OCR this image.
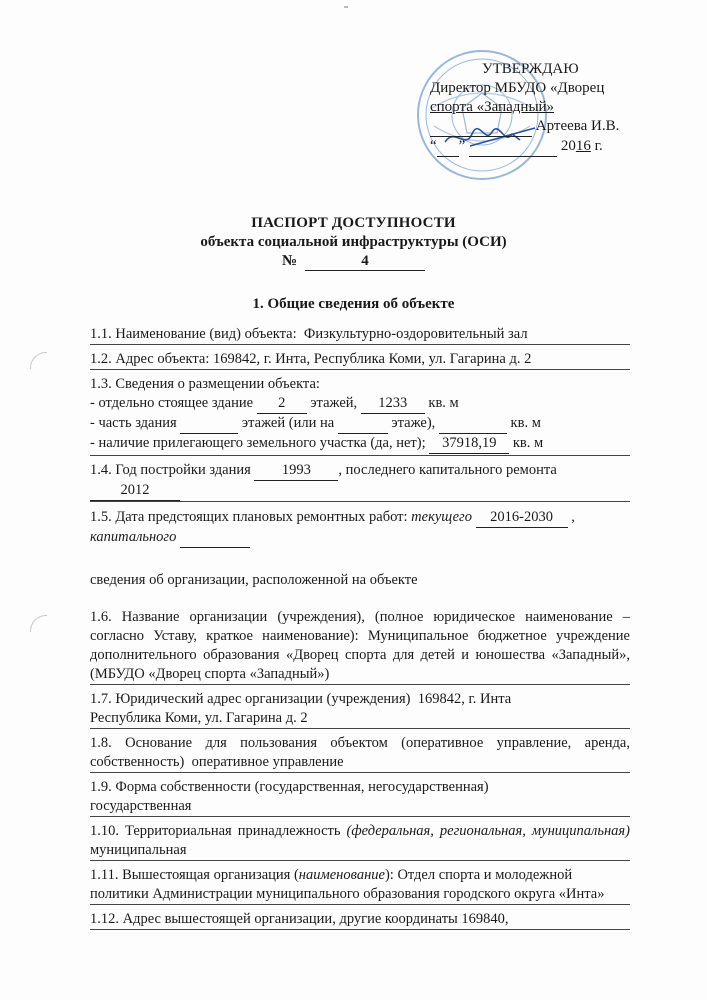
УТВЕРЖДАЮ
Директор МБУДО «Дворец
спорта «Западный»
Артеева И.В.
“ ”	2016 г.
ПАСПОРТ ДОСТУПНОСТИ
объекта социальной инфраструктуры (ОСИ)
№	4
1. Общие сведения об объекте
1.1. Наименование (вид) объекта: Физкультурно-оздоровительный зал
1.2. Адрес объекта: 169842, г. Инта, Республика Коми, ул. Гагарина д. 2
1.3. Сведения о размещении объекта:
- отдельно стоящее здание 2 этажей, 1233 кв. м
- часть здания	этажей (или на	этаже),	кв. м
- наличие прилегающего земельного участка (да, нет); 37918,19 кв. м
1.4. Год постройки здания 1993 , последнего капитального ремонта
2012
1.5. Дата предстоящих плановых ремонтных работ: текущего 2016-2030 ,
капитального
сведения об организации, расположенной на объекте
1.6. Название организации (учреждения), (полное юридическое наименование – согласно Уставу, краткое наименование): Муниципальное бюджетное учреждение дополнительного образования «Дворец спорта для детей и юношества «Западный», (МБУДО «Дворец спорта «Западный»)
1.7. Юридический адрес организации (учреждения) 169842, г. Инта
Республика Коми, ул. Гагарина д. 2
1.8. Основание для пользования объектом (оперативное управление, аренда, собственность) оперативное управление
1.9. Форма собственности (государственная, негосударственная)
государственная
1.10. Территориальная принадлежность (федеральная, региональная, муниципальная) муниципальная
1.11. Вышестоящая организация (наименование): Отдел спорта и молодежной политики Администрации муниципального образования городского округа «Инта»
1.12. Адрес вышестоящей организации, другие координаты 169840,
